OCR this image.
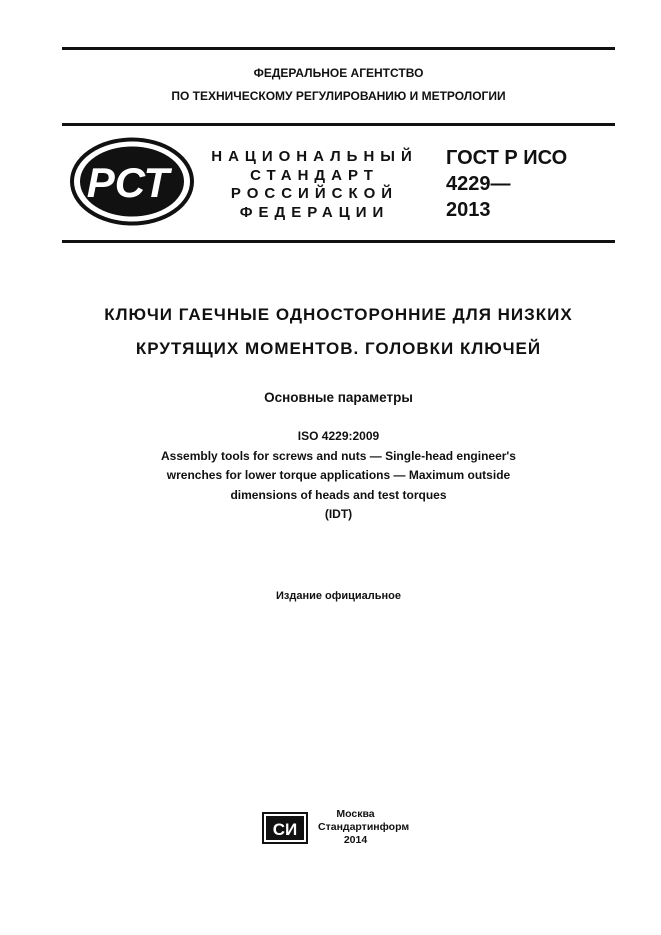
ФЕДЕРАЛЬНОЕ АГЕНТСТВО
ПО ТЕХНИЧЕСКОМУ РЕГУЛИРОВАНИЮ И МЕТРОЛОГИИ
РСТ
НАЦИОНАЛЬНЫЙ
СТАНДАРТ
РОССИЙСКОЙ
ФЕДЕРАЦИИ
ГОСТ Р ИСО
4229—
2013
КЛЮЧИ ГАЕЧНЫЕ ОДНОСТОРОННИЕ ДЛЯ НИЗКИХ
КРУТЯЩИХ МОМЕНТОВ. ГОЛОВКИ КЛЮЧЕЙ
Основные параметры
ISO 4229:2009
Assembly tools for screws and nuts — Single-head engineer's
wrenches for lower torque applications — Maximum outside
dimensions of heads and test torques
(IDT)
Издание официальное
СИ
Москва
Стандартинформ
2014
